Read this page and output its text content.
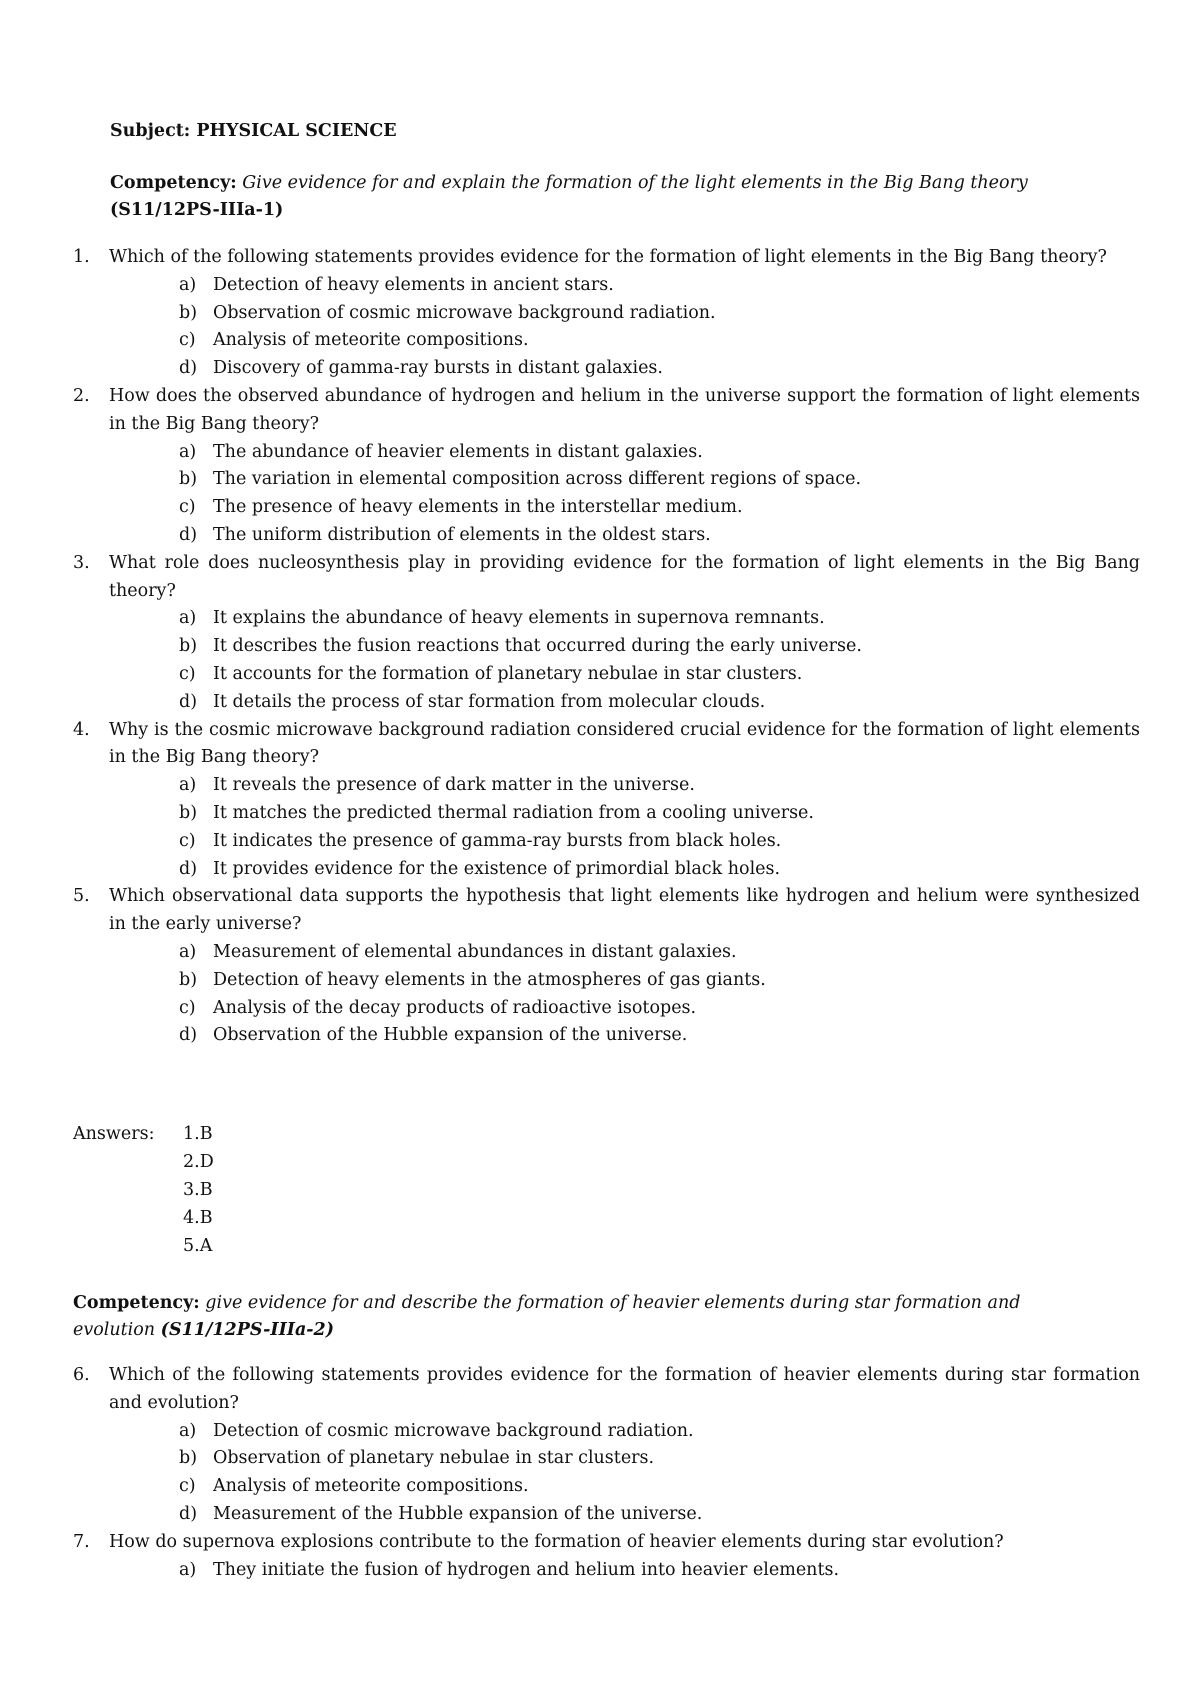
Subject: PHYSICAL SCIENCE
Competency: Give evidence for and explain the formation of the light elements in the Big Bang theory (S11/12PS-IIIa-1)
1.	Which of the following statements provides evidence for the formation of light elements in the Big Bang theory?
a) Detection of heavy elements in ancient stars.
b) Observation of cosmic microwave background radiation.
c) Analysis of meteorite compositions.
d) Discovery of gamma-ray bursts in distant galaxies.
2.	How does the observed abundance of hydrogen and helium in the universe support the formation of light elements in the Big Bang theory?
a) The abundance of heavier elements in distant galaxies.
b) The variation in elemental composition across different regions of space.
c) The presence of heavy elements in the interstellar medium.
d) The uniform distribution of elements in the oldest stars.
3.	What role does nucleosynthesis play in providing evidence for the formation of light elements in the Big Bang theory?
a) It explains the abundance of heavy elements in supernova remnants.
b) It describes the fusion reactions that occurred during the early universe.
c) It accounts for the formation of planetary nebulae in star clusters.
d) It details the process of star formation from molecular clouds.
4.	Why is the cosmic microwave background radiation considered crucial evidence for the formation of light elements in the Big Bang theory?
a) It reveals the presence of dark matter in the universe.
b) It matches the predicted thermal radiation from a cooling universe.
c) It indicates the presence of gamma-ray bursts from black holes.
d) It provides evidence for the existence of primordial black holes.
5.	Which observational data supports the hypothesis that light elements like hydrogen and helium were synthesized in the early universe?
a) Measurement of elemental abundances in distant galaxies.
b) Detection of heavy elements in the atmospheres of gas giants.
c) Analysis of the decay products of radioactive isotopes.
d) Observation of the Hubble expansion of the universe.
Answers: 1.B
2.D
3.B
4.B
5.A
Competency: give evidence for and describe the formation of heavier elements during star formation and evolution (S11/12PS-IIIa-2)
6.	Which of the following statements provides evidence for the formation of heavier elements during star formation and evolution?
a) Detection of cosmic microwave background radiation.
b) Observation of planetary nebulae in star clusters.
c) Analysis of meteorite compositions.
d) Measurement of the Hubble expansion of the universe.
7.	How do supernova explosions contribute to the formation of heavier elements during star evolution?
a) They initiate the fusion of hydrogen and helium into heavier elements.
